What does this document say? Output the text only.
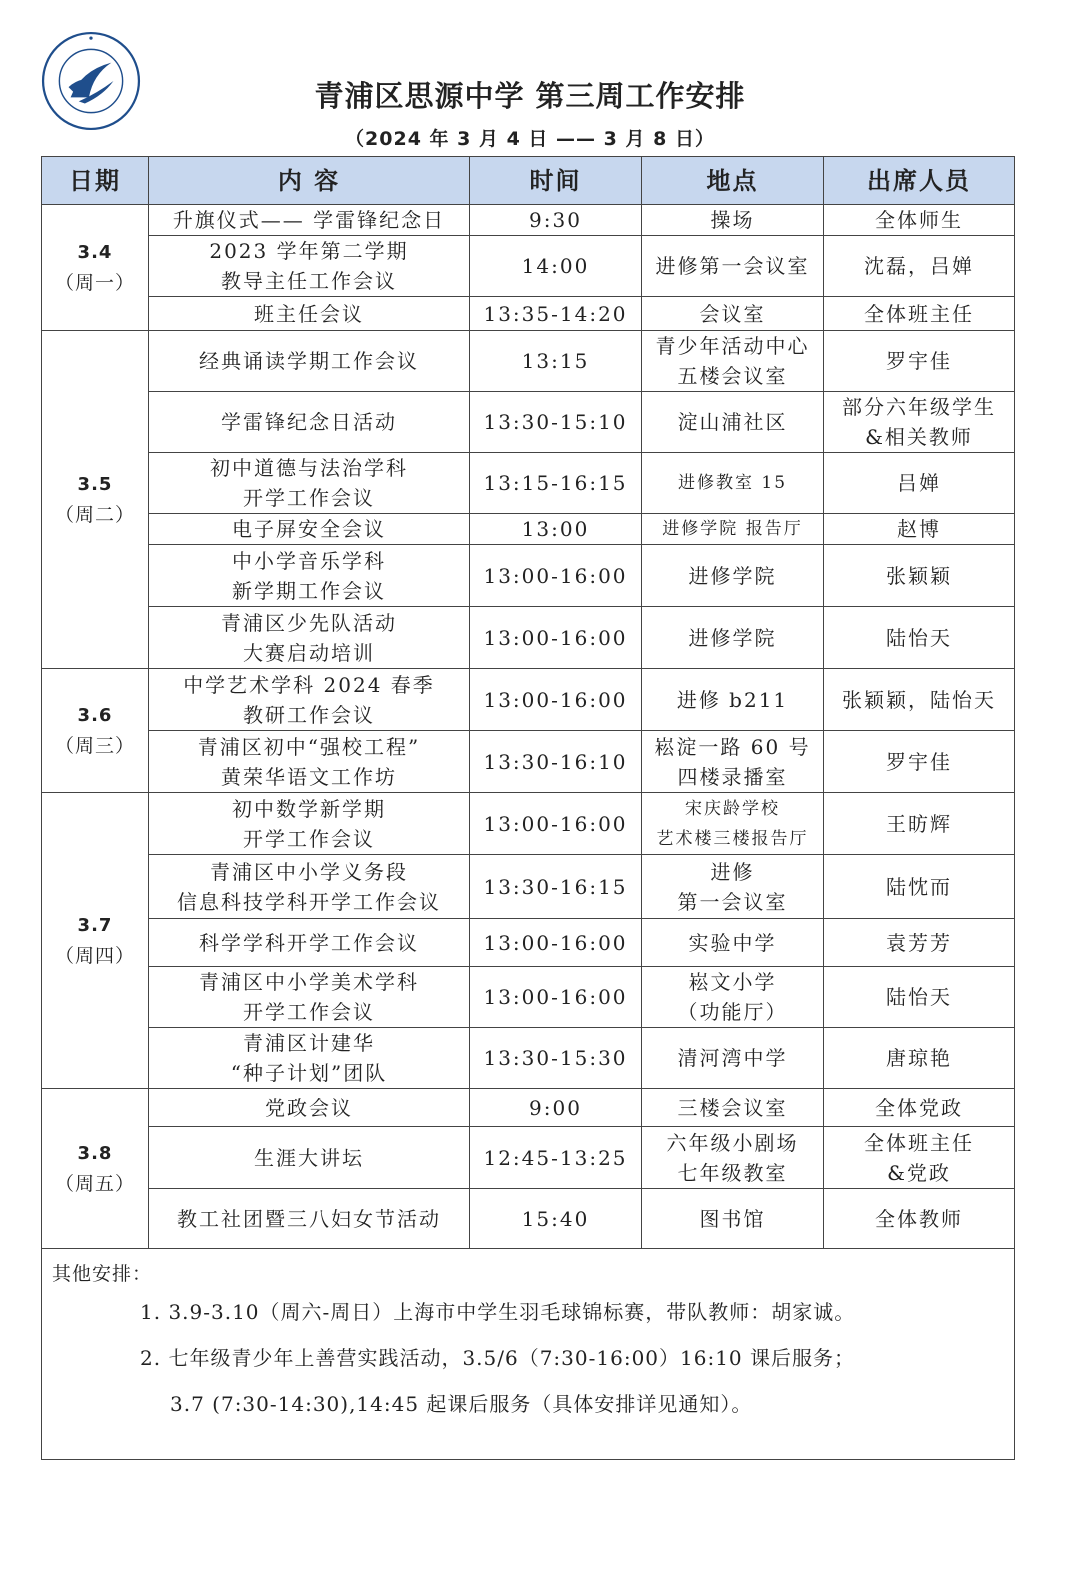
青浦区思源中学 第三周工作安排
（2024 年 3 月 4 日 —— 3 月 8 日）
日期	内 容	时间	地点	出席人员

3.4
（周一）	升旗仪式—— 学雷锋纪念日	9:30	操场	全体师生

	2023 学年第二学期
教导主任工作会议	14:00	进修第一会议室	沈磊，吕婵

	班主任会议	13:35-14:20	会议室	全体班主任

3.5
（周二）	经典诵读学期工作会议	13:15	青少年活动中心
五楼会议室	罗宇佳

	学雷锋纪念日活动	13:30-15:10	淀山浦社区	部分六年级学生
&相关教师

	初中道德与法治学科
开学工作会议	13:15-16:15	进修教室 15	吕婵

	电子屏安全会议	13:00	进修学院 报告厅	赵博

	中小学音乐学科
新学期工作会议	13:00-16:00	进修学院	张颖颖

	青浦区少先队活动
大赛启动培训	13:00-16:00	进修学院	陆怡天

3.6
（周三）	中学艺术学科 2024 春季
教研工作会议	13:00-16:00	进修 b211	张颖颖，陆怡天

	青浦区初中“强校工程”
黄荣华语文工作坊	13:30-16:10	崧淀一路 60 号
四楼录播室	罗宇佳

3.7
（周四）	初中数学新学期
开学工作会议	13:00-16:00	宋庆龄学校
艺术楼三楼报告厅	王昉辉

	青浦区中小学义务段
信息科技学科开学工作会议	13:30-16:15	进修
第一会议室	陆忱而

	科学学科开学工作会议	13:00-16:00	实验中学	袁芳芳

	青浦区中小学美术学科
开学工作会议	13:00-16:00	崧文小学
（功能厅）	陆怡天

	青浦区计建华
“种子计划”团队	13:30-15:30	清河湾中学	唐琼艳

3.8
（周五）	党政会议	9:00	三楼会议室	全体党政

	生涯大讲坛	12:45-13:25	六年级小剧场
七年级教室	全体班主任
&党政

	教工社团暨三八妇女节活动	15:40	图书馆	全体教师

其他安排：
1. 3.9-3.10（周六-周日）上海市中学生羽毛球锦标赛，带队教师：胡家诚。
2. 七年级青少年上善营实践活动，3.5/6（7:30-16:00）16:10 课后服务；
3.7 (7:30-14:30),14:45 起课后服务（具体安排详见通知）。				
